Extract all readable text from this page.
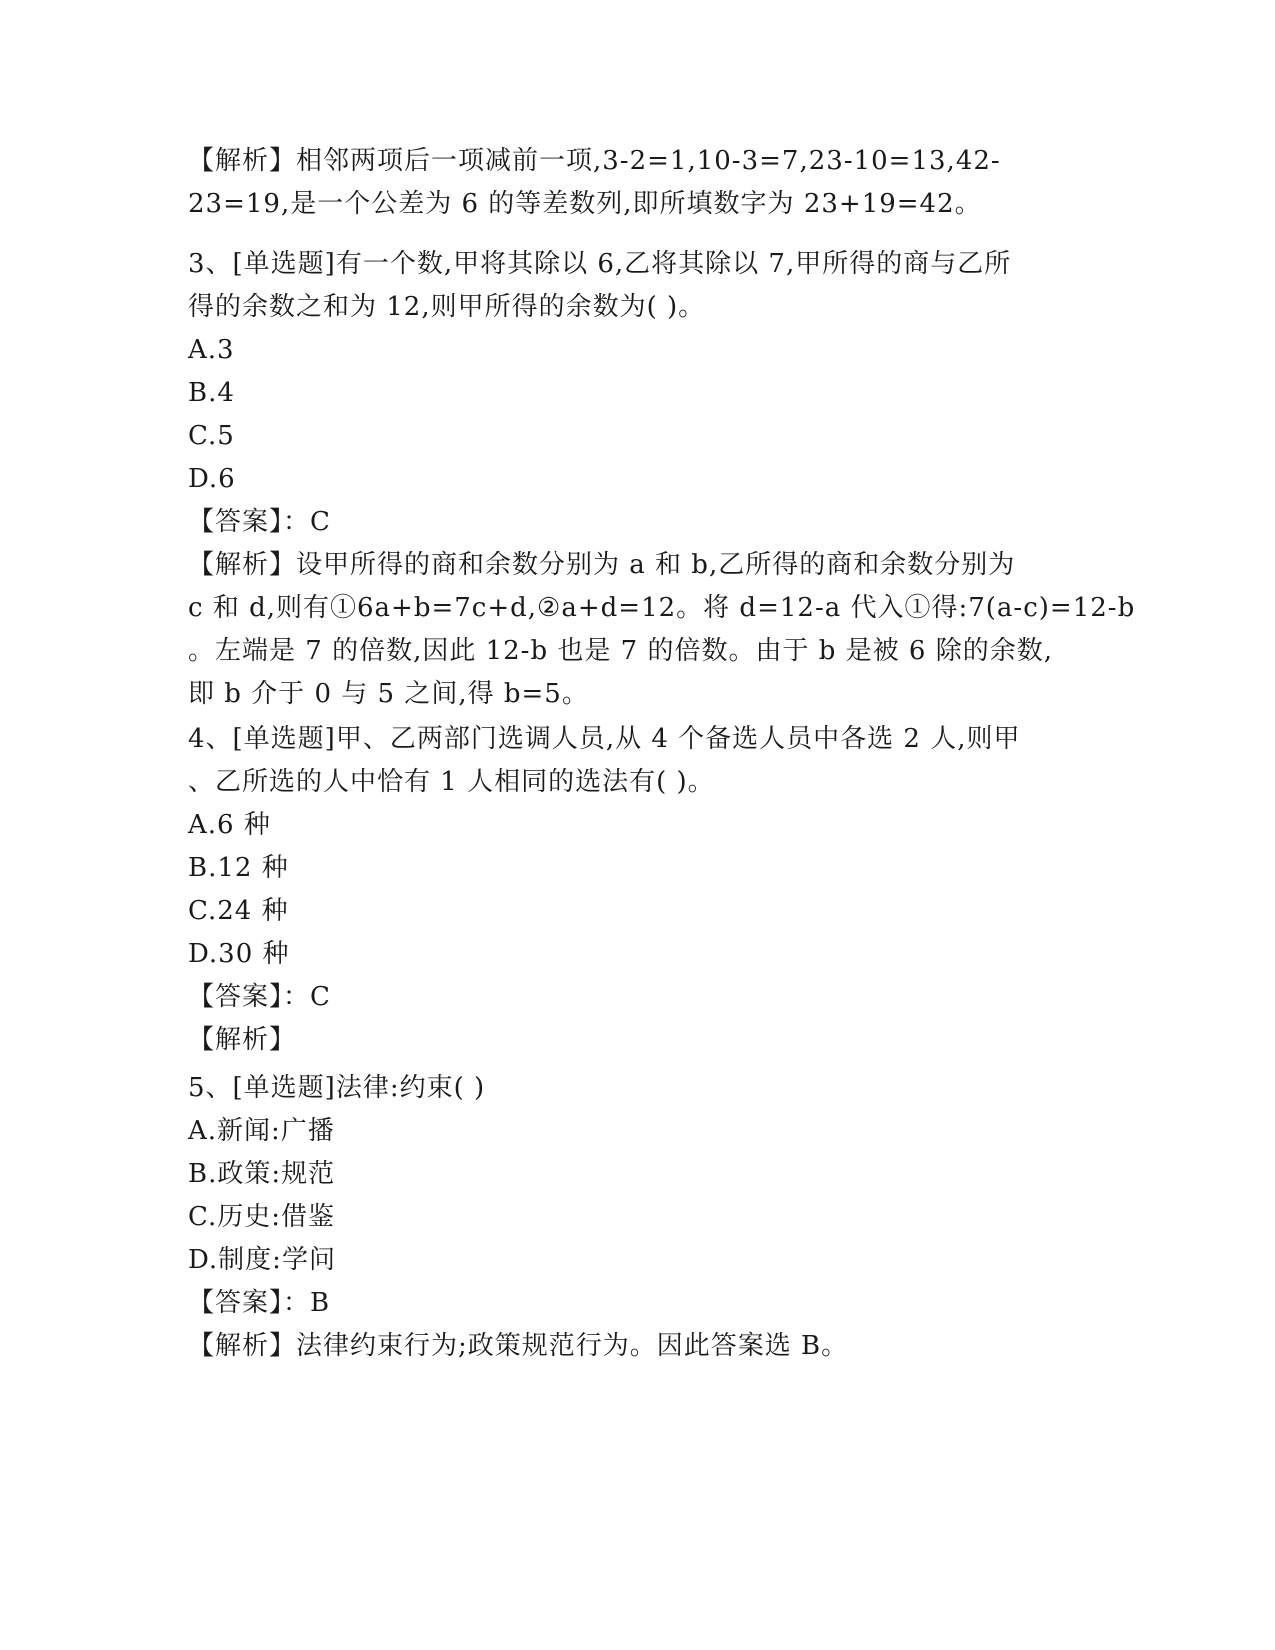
【解析】相邻两项后一项减前一项,3-2=1,10-3=7,23-10=13,42-
23=19,是一个公差为 6 的等差数列,即所填数字为 23+19=42。
3、[单选题]有一个数,甲将其除以 6,乙将其除以 7,甲所得的商与乙所
得的余数之和为 12,则甲所得的余数为( )。
A.3
B.4
C.5
D.6
【答案】：C
【解析】设甲所得的商和余数分别为 a 和 b,乙所得的商和余数分别为
c 和 d,则有①6a+b=7c+d,②a+d=12。将 d=12-a 代入①得:7(a-c)=12-b
。左端是 7 的倍数,因此 12-b 也是 7 的倍数。由于 b 是被 6 除的余数,
即 b 介于 0 与 5 之间,得 b=5。
4、[单选题]甲、乙两部门选调人员,从 4 个备选人员中各选 2 人,则甲
、乙所选的人中恰有 1 人相同的选法有( )。
A.6 种
B.12 种
C.24 种
D.30 种
【答案】：C
【解析】
5、[单选题]法律:约束( )
A.新闻:广播
B.政策:规范
C.历史:借鉴
D.制度:学问
【答案】：B
【解析】法律约束行为;政策规范行为。因此答案选 B。
